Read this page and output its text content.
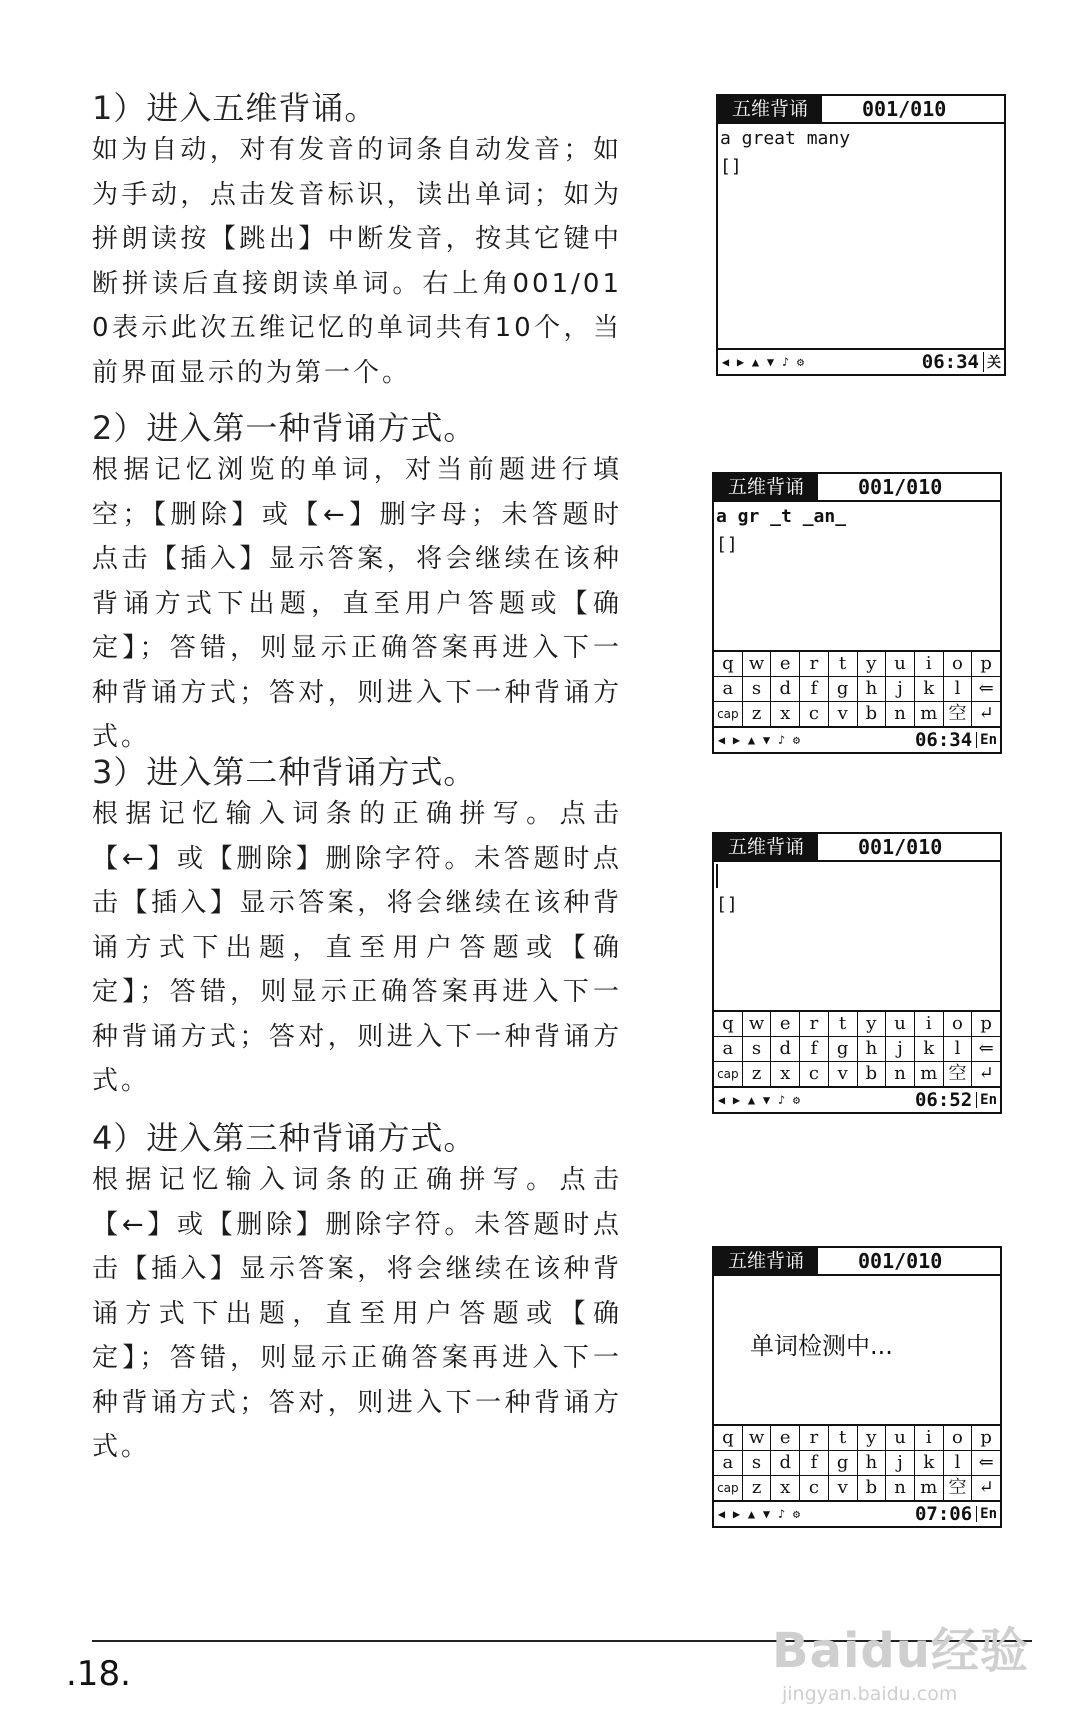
1）进入五维背诵。
如为自动，对有发音的词条自动发音；如为手动，点击发音标识，读出单词；如为拼朗读按【跳出】中断发音，按其它键中断拼读后直接朗读单词。右上角001/010表示此次五维记忆的单词共有10个，当前界面显示的为第一个。
2）进入第一种背诵方式。
根据记忆浏览的单词，对当前题进行填空；【删除】或【←】删字母；未答题时点击【插入】显示答案，将会继续在该种背诵方式下出题，直至用户答题或【确定】；答错，则显示正确答案再进入下一种背诵方式；答对，则进入下一种背诵方式。
3）进入第二种背诵方式。
根据记忆输入词条的正确拼写。点击【←】或【删除】删除字符。未答题时点击【插入】显示答案，将会继续在该种背诵方式下出题，直至用户答题或【确定】；答错，则显示正确答案再进入下一种背诵方式；答对，则进入下一种背诵方式。
4）进入第三种背诵方式。
根据记忆输入词条的正确拼写。点击【←】或【删除】删除字符。未答题时点击【插入】显示答案，将会继续在该种背诵方式下出题，直至用户答题或【确定】；答错，则显示正确答案再进入下一种背诵方式；答对，则进入下一种背诵方式。
五维背诵	001/010
a great many
[]
◀ ▶ ▲ ▼ ♪ ⚙	06:34 关
五维背诵	001/010
a gr _t _an_
[]
q w e	r	t	y u	i	o p
a	s	d	f	g h	j	k	l	⇐
cap z	x	c	v b n m 空 ↵
◀ ▶ ▲ ▼ ♪ ⚙	06:34 En
五维背诵	001/010
[]
q w e	r	t	y u	i	o p
a	s	d	f	g h	j	k	l	⇐
cap z	x	c	v b n m 空 ↵
◀ ▶ ▲ ▼ ♪ ⚙	06:52 En
五维背诵	001/010
单词检测中...
q w e	r	t	y u	i	o p
a	s	d	f	g h	j	k	l	⇐
cap z	x	c	v b n m 空 ↵
◀ ▶ ▲ ▼ ♪ ⚙	07:06 En
.18.	Baidu经验
jingyan.baidu.com
